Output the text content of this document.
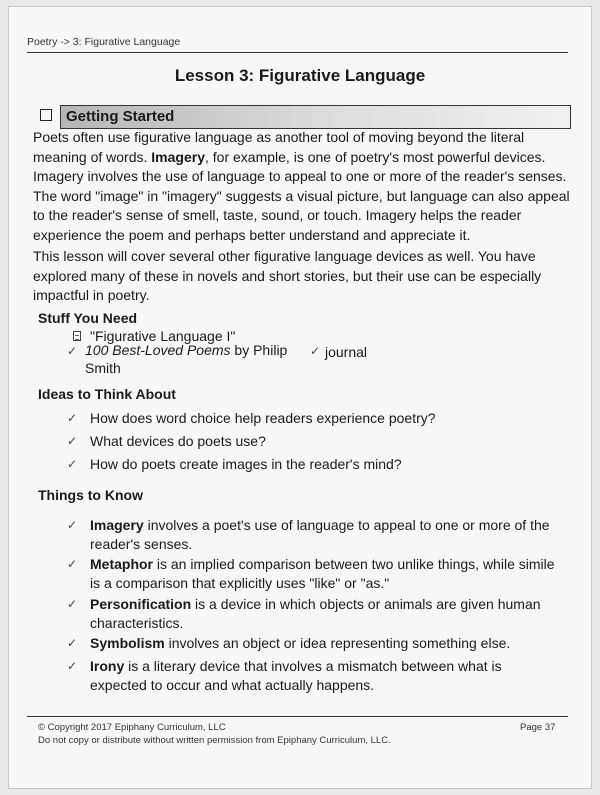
Poetry -> 3: Figurative Language
Lesson 3: Figurative Language
Getting Started

Poets often use figurative language as another tool of moving beyond the literal meaning of words. Imagery, for example, is one of poetry's most powerful devices. Imagery involves the use of language to appeal to one or more of the reader's senses. The word "image" in "imagery" suggests a visual picture, but language can also appeal to the reader's sense of smell, taste, sound, or touch. Imagery helps the reader experience the poem and perhaps better understand and appreciate it.

This lesson will cover several other figurative language devices as well. You have explored many of these in novels and short stories, but their use can be especially impactful in poetry.

Stuff You Need
"Figurative Language I"
✓ 100 Best-Loved Poems by Philip
Smith
✓ journal
Ideas to Think About
✓ How does word choice help readers experience poetry?
✓ What devices do poets use?
✓ How do poets create images in the reader's mind?
Things to Know
✓ Imagery involves a poet's use of language to appeal to one or more of the reader's senses.
✓ Metaphor is an implied comparison between two unlike things, while simile is a comparison that explicitly uses "like" or "as."
✓ Personification is a device in which objects or animals are given human characteristics.
✓ Symbolism involves an object or idea representing something else.
✓ Irony is a literary device that involves a mismatch between what is expected to occur and what actually happens.
© Copyright 2017 Epiphany Curriculum, LLC	Page 37
Do not copy or distribute without written permission from Epiphany Curriculum, LLC.
